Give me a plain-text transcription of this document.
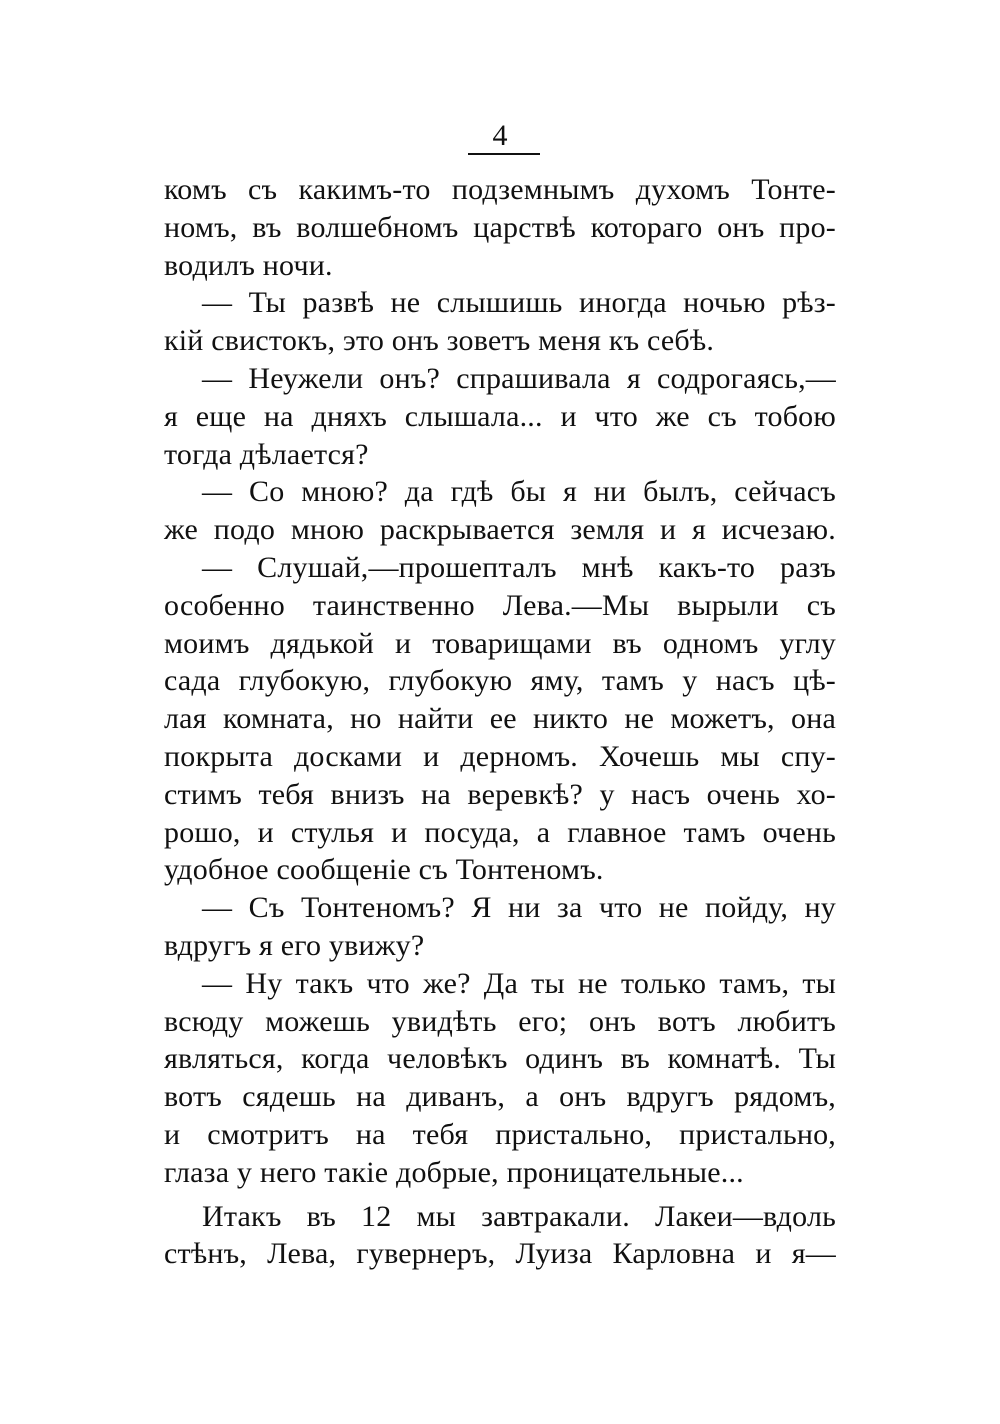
4
комъ съ какимъ-то подземнымъ духомъ Тонте-
номъ, въ волшебномъ царствѣ котораго онъ про-
водилъ ночи.
— Ты развѣ не слышишь иногда ночью рѣз-
кій свистокъ, это онъ зоветъ меня къ себѣ.
— Неужели онъ? спрашивала я содрогаясь,—
я еще на дняхъ слышала... и что же съ тобою
тогда дѣлается?
— Со мною? да гдѣ бы я ни былъ, сейчасъ
же подо мною раскрывается земля и я исчезаю.
— Слушай,—прошепталъ мнѣ какъ-то разъ
особенно таинственно Лева.—Мы вырыли съ
моимъ дядькой и товарищами въ одномъ углу
сада глубокую, глубокую яму, тамъ у насъ цѣ-
лая комната, но найти ее никто не можетъ, она
покрыта досками и дерномъ. Хочешь мы спу-
стимъ тебя внизъ на веревкѣ? у насъ очень хо-
рошо, и стулья и посуда, а главное тамъ очень
удобное сообщеніе съ Тонтеномъ.
— Съ Тонтеномъ? Я ни за что не пойду, ну
вдругъ я его увижу?
— Ну такъ что же? Да ты не только тамъ, ты
всюду можешь увидѣть его; онъ вотъ любитъ
являться, когда человѣкъ одинъ въ комнатѣ. Ты
вотъ сядешь на диванъ, а онъ вдругъ рядомъ,
и смотритъ на тебя пристально, пристально,
глаза у него такіе добрые, проницательные...
Итакъ въ 12 мы завтракали. Лакеи—вдоль
стѣнъ, Лева, гувернеръ, Луиза Карловна и я—
